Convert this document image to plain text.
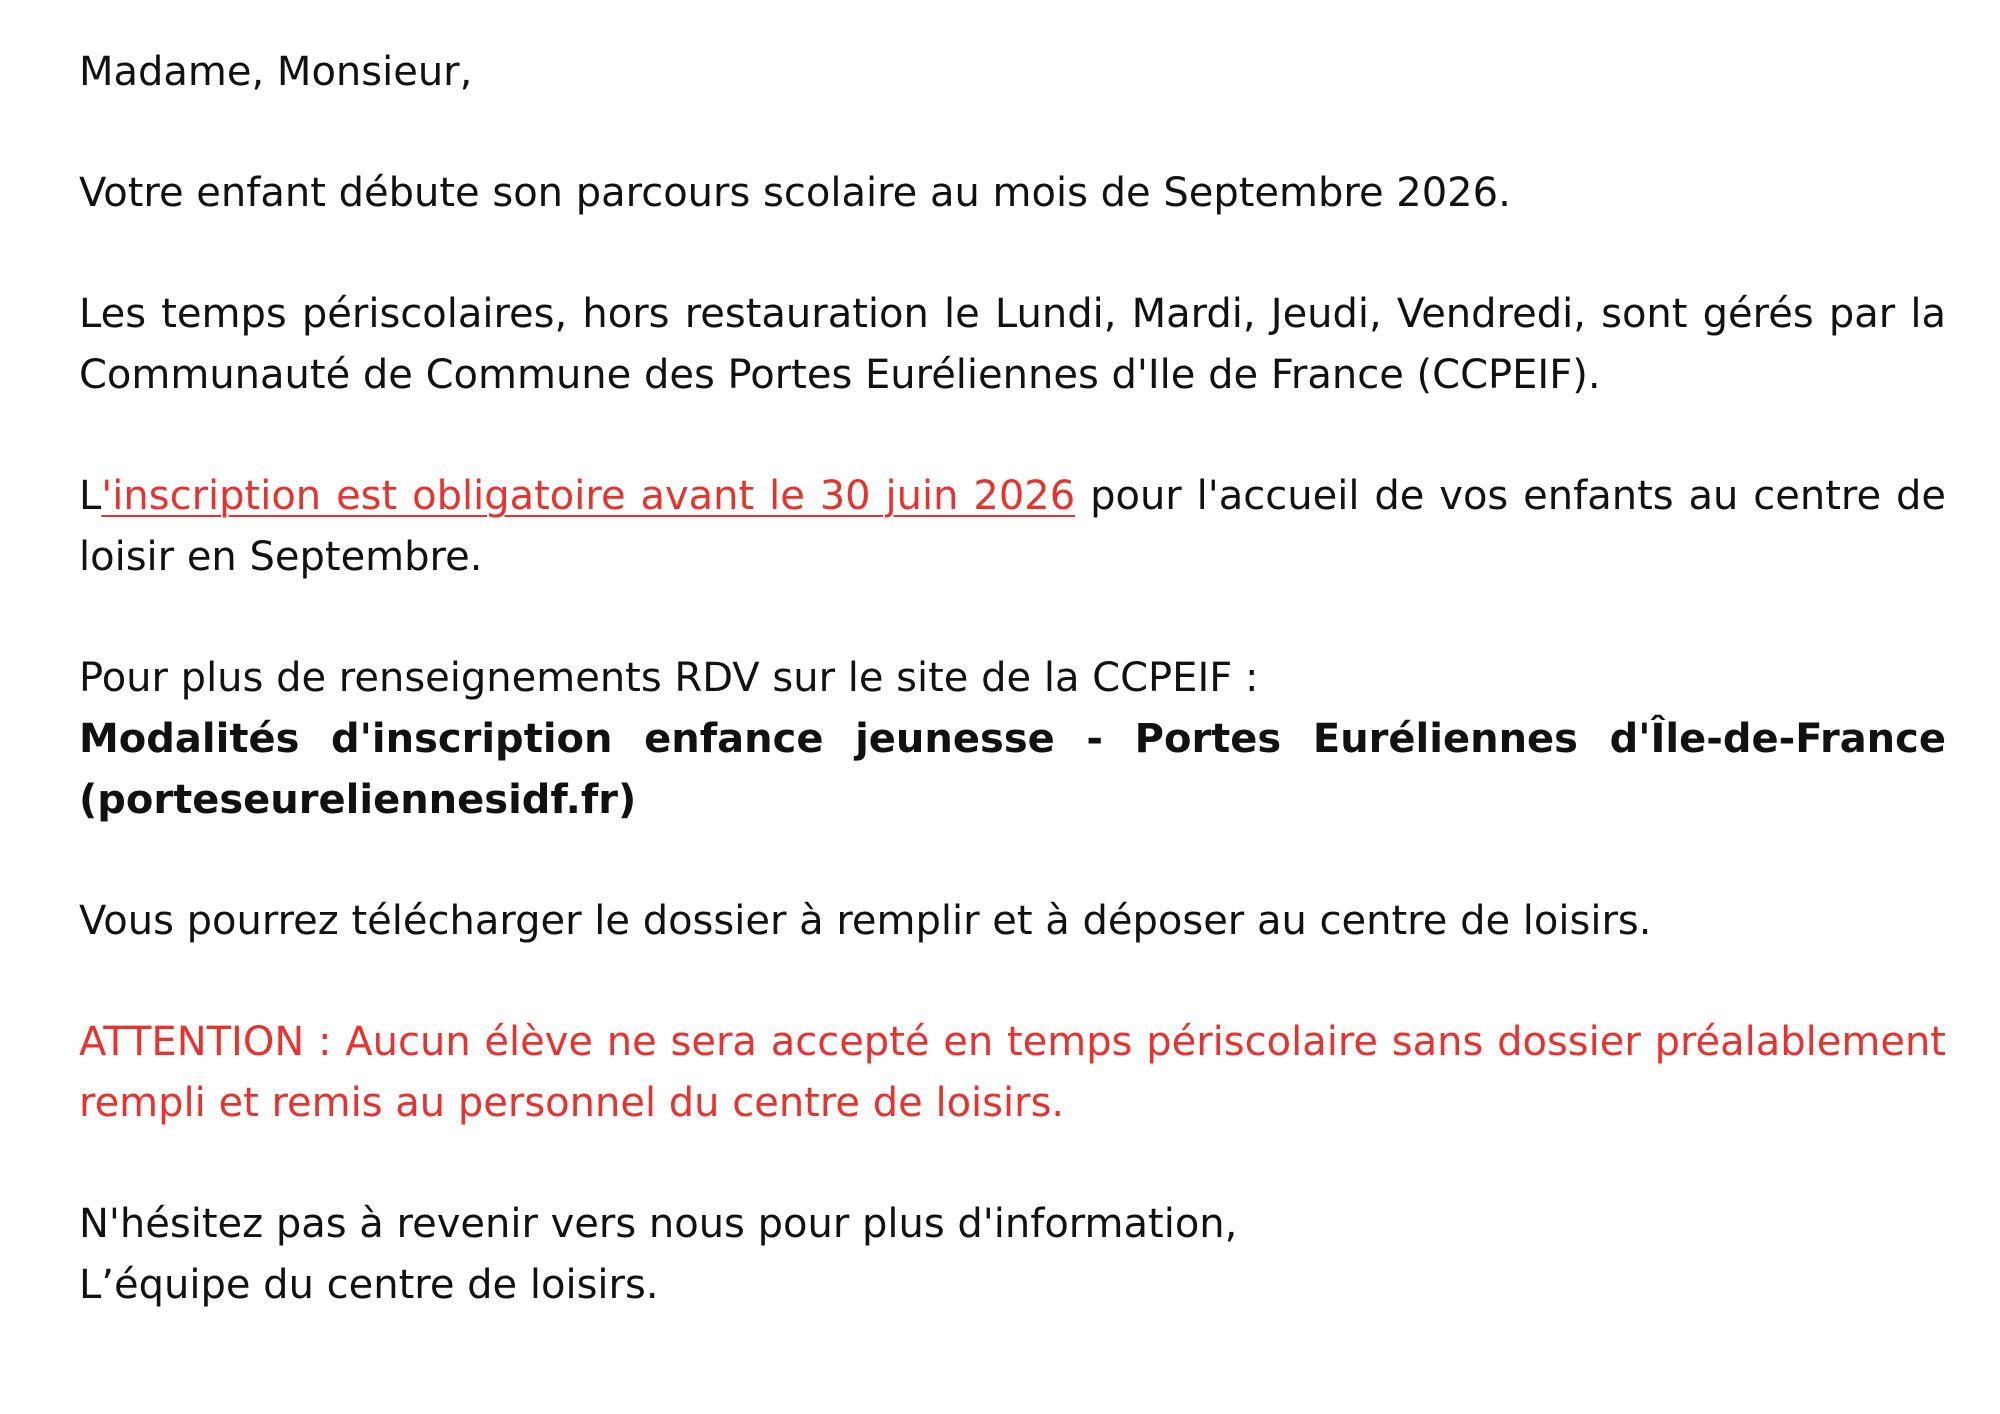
Madame, Monsieur,

Votre enfant débute son parcours scolaire au mois de Septembre 2026.

Les temps périscolaires, hors restauration le Lundi, Mardi, Jeudi, Vendredi, sont gérés par la Communauté de Commune des Portes Euréliennes d'Ile de France (CCPEIF).

L'inscription est obligatoire avant le 30 juin 2026 pour l'accueil de vos enfants au centre de loisir en Septembre.

Pour plus de renseignements RDV sur le site de la CCPEIF :
Modalités d'inscription enfance jeunesse - Portes Euréliennes d'Île-de-France (porteseureliennesidf.fr)

Vous pourrez télécharger le dossier à remplir et à déposer au centre de loisirs.

ATTENTION : Aucun élève ne sera accepté en temps périscolaire sans dossier préalablement rempli et remis au personnel du centre de loisirs.

N'hésitez pas à revenir vers nous pour plus d'information,
L’équipe du centre de loisirs.
